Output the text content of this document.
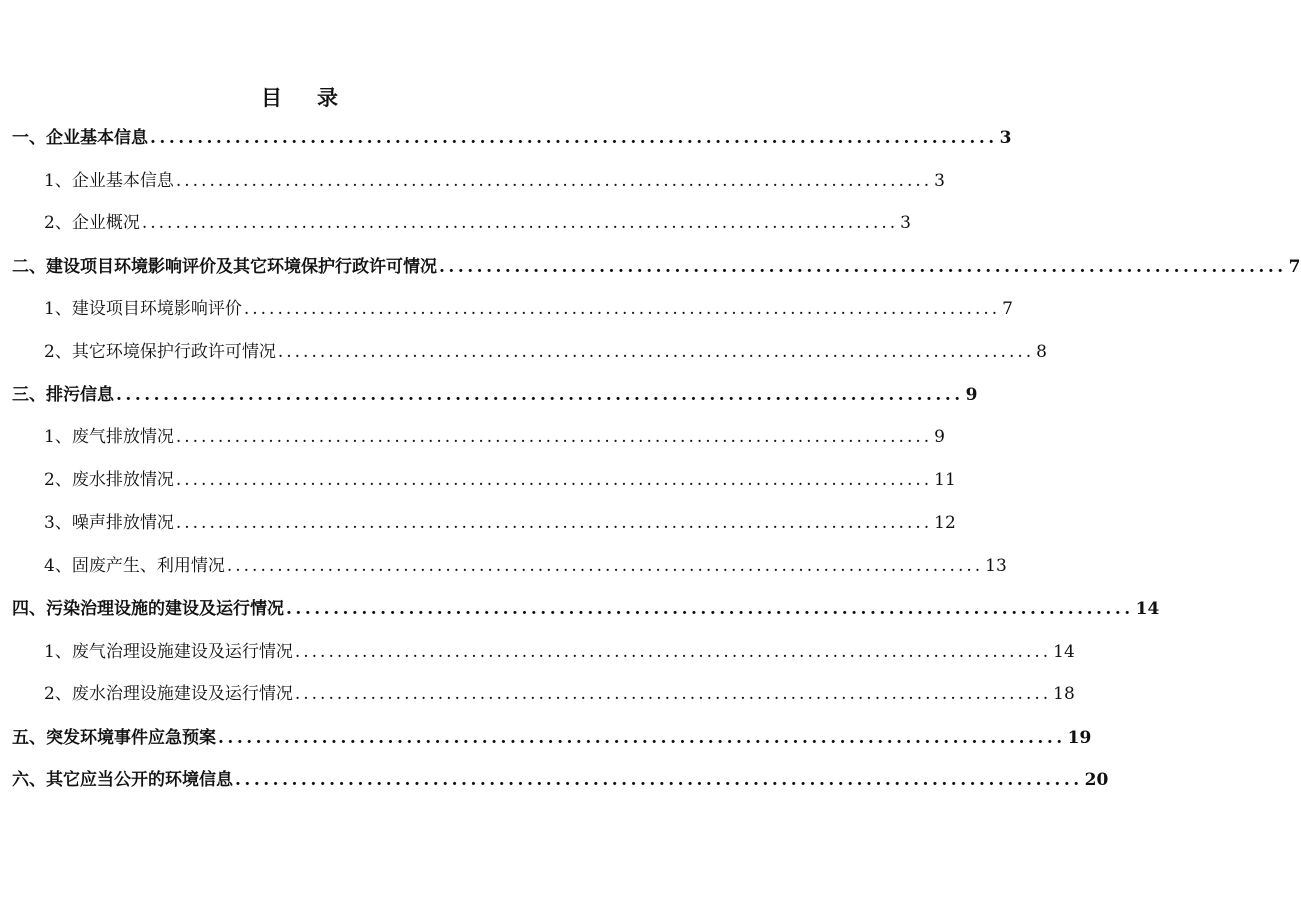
目 录
一、 企业基本信息 .......................................................................................... 3
1、 企业基本信息 .......................................................................................... 3
2、 企业概况 .......................................................................................... 3
二、 建设项目环境影响评价及其它环境保护行政许可情况 .......................................................................................... 7
1、 建设项目环境影响评价 .......................................................................................... 7
2、 其它环境保护行政许可情况 .......................................................................................... 8
三、 排污信息 .......................................................................................... 9
1、 废气排放情况 .......................................................................................... 9
2、 废水排放情况 .......................................................................................... 11
3、 噪声排放情况 .......................................................................................... 12
4、 固废产生、利用情况 .......................................................................................... 13
四、 污染治理设施的建设及运行情况 .......................................................................................... 14
1、 废气治理设施建设及运行情况 .......................................................................................... 14
2、 废水治理设施建设及运行情况 .......................................................................................... 18
五、 突发环境事件应急预案 .......................................................................................... 19
六、 其它应当公开的环境信息 .......................................................................................... 20
